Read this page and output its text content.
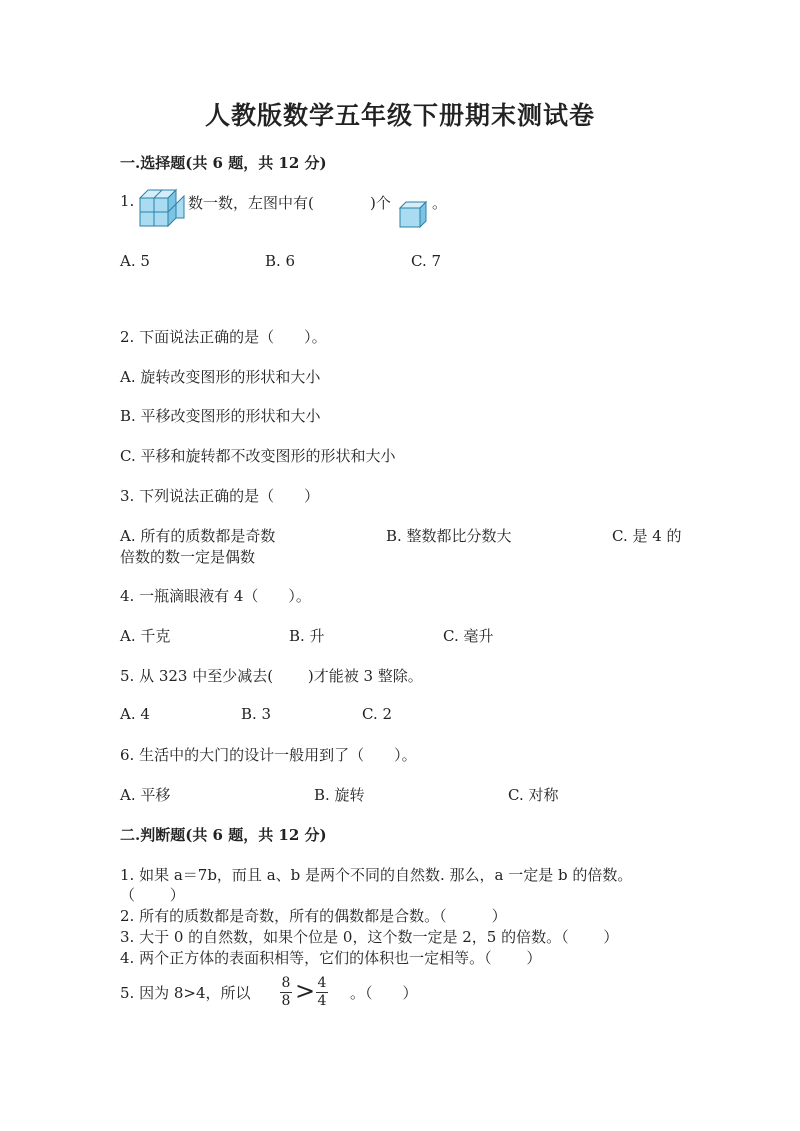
人教版数学五年级下册期末测试卷
一.选择题(共 6 题，共 12 分)
1.	数一数，左图中有(	)个	。
A. 5	B. 6	C. 7
2. 下面说法正确的是（　　）。
A. 旋转改变图形的形状和大小
B. 平移改变图形的形状和大小
C. 平移和旋转都不改变图形的形状和大小
3. 下列说法正确的是（　　）
A. 所有的质数都是奇数	B. 整数都比分数大	C. 是 4 的
倍数的数一定是偶数
4. 一瓶滴眼液有 4（　　）。
A. 千克	B. 升	C. 毫升
5. 从 323 中至少减去(　　 )才能被 3 整除。
A. 4	B. 3	C. 2
6. 生活中的大门的设计一般用到了（　　）。
A. 平移	B. 旋转	C. 对称
二.判断题(共 6 题，共 12 分)
1. 如果 a＝7b，而且 a、b 是两个不同的自然数. 那么，a 一定是 b 的倍数。
（　　 ）
2. 所有的质数都是奇数，所有的偶数都是合数。（　　　）
3. 大于 0 的自然数，如果个位是 0，这个数一定是 2，5 的倍数。（　　 ）
4. 两个正方体的表面积相等，它们的体积也一定相等。（　　 ）
5. 因为 8>4，所以
8
8 > 4
4 。（　　）
